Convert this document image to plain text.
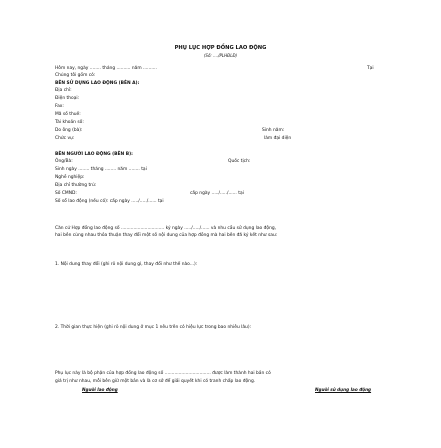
PHỤ LỤC HỢP ĐỒNG LAO ĐỘNG
(Số: ..../PLHĐLĐ)
Hôm nay, ngày ........ tháng .......... năm ..........	Tại
Chúng tôi gồm có:
BÊN SỬ DỤNG LAO ĐỘNG (BÊN A):
Địa chỉ:
Điện thoại:
Fax:
Mã số thuế:
Tài khoản số:
Do ông (bà):	Sinh năm:
Chức vụ:	làm đại diện
BÊN NGƯỜI LAO ĐỘNG (BÊN B):
Ông/Bà:	Quốc tịch:
Sinh ngày ........ tháng ........ năm ........ tại
Nghề nghiệp:
Địa chỉ thường trú:
Số CMND:	cấp ngày ...../...../...... tại
Số sổ lao động (nếu có): cấp ngày ...../...../...... tại
Căn cứ Hợp đồng lao động số ............................... ký ngày ...../...../...... và nhu cầu sử dụng lao động,
hai bên cùng nhau thỏa thuận thay đổi một số nội dung của hợp đồng mà hai bên đã ký kết như sau:
1. Nội dung thay đổi (ghi rõ nội dung gì, thay đổi như thế nào...):
2. Thời gian thực hiện (ghi rõ nội dung ở mục 1 nêu trên có hiệu lực trong bao nhiêu lâu):
Phụ lục này là bộ phận của hợp đồng lao động số ................................. được làm thành hai bản có
giá trị như nhau, mỗi bên giữ một bản và là cơ sở để giải quyết khi có tranh chấp lao động.
Người lao động	Người sử dụng lao động
